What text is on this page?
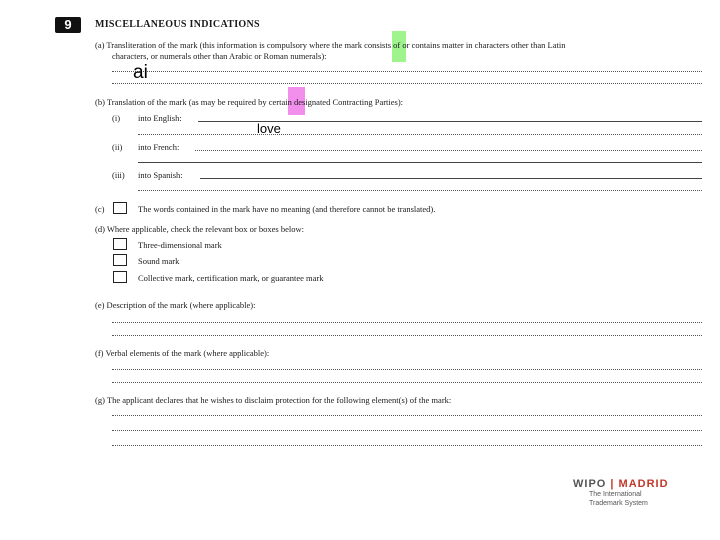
9	MISCELLANEOUS INDICATIONS
(a) Transliteration of the mark (this information is compulsory where the mark consists of or contains matter in characters other than Latin
characters, or numerals other than Arabic or Roman numerals):
ai
(b) Translation of the mark (as may be required by certain designated Contracting Parties):
(i) into English:
love
(ii) into French:
(iii) into Spanish:
(c)	The words contained in the mark have no meaning (and therefore cannot be translated).
(d) Where applicable, check the relevant box or boxes below:
Three-dimensional mark
Sound mark
Collective mark, certification mark, or guarantee mark
(e) Description of the mark (where applicable):
(f) Verbal elements of the mark (where applicable):
(g) The applicant declares that he wishes to disclaim protection for the following element(s) of the mark:
WIPO | MADRID
The International
Trademark System
